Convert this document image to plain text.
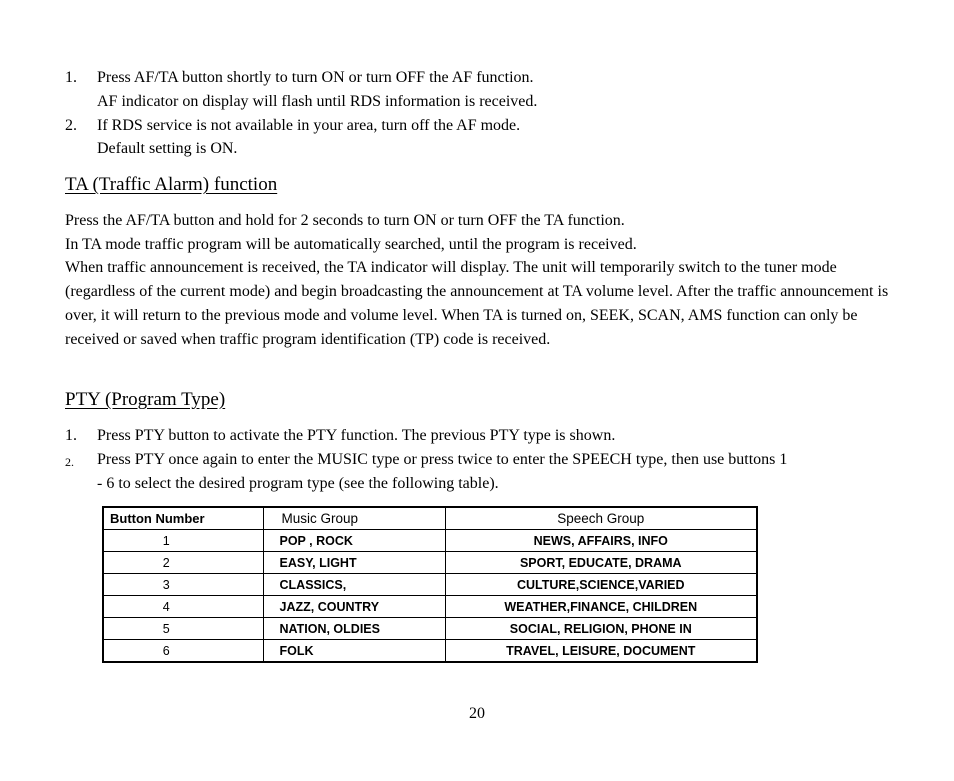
1. Press AF/TA button shortly to turn ON or turn OFF the AF function.
AF indicator on display will flash until RDS information is received.
2. If RDS service is not available in your area, turn off the AF mode.
Default setting is ON.
TA (Traffic Alarm) function

Press the AF/TA button and hold for 2 seconds to turn ON or turn OFF the TA function.

In TA mode traffic program will be automatically searched, until the program is received.

When traffic announcement is received, the TA indicator will display. The unit will temporarily switch to the tuner mode (regardless of the current mode) and begin broadcasting the announcement at TA volume level. After the traffic announcement is over, it will return to the previous mode and volume level. When TA is turned on, SEEK, SCAN, AMS function can only be received or saved when traffic program identification (TP) code is received.

PTY (Program Type)
1. Press PTY button to activate the PTY function. The previous PTY type is shown.
2. Press PTY once again to enter the MUSIC type or press twice to enter the SPEECH type, then use buttons 1
- 6 to select the desired program type (see the following table).
Button Number	Music Group	Speech Group
1	POP , ROCK	NEWS, AFFAIRS, INFO
2	EASY, LIGHT	SPORT, EDUCATE, DRAMA
3	CLASSICS,	CULTURE,SCIENCE,VARIED
4	JAZZ, COUNTRY	WEATHER,FINANCE, CHILDREN
5	NATION, OLDIES	SOCIAL, RELIGION, PHONE IN
6	FOLK	TRAVEL, LEISURE, DOCUMENT
20
